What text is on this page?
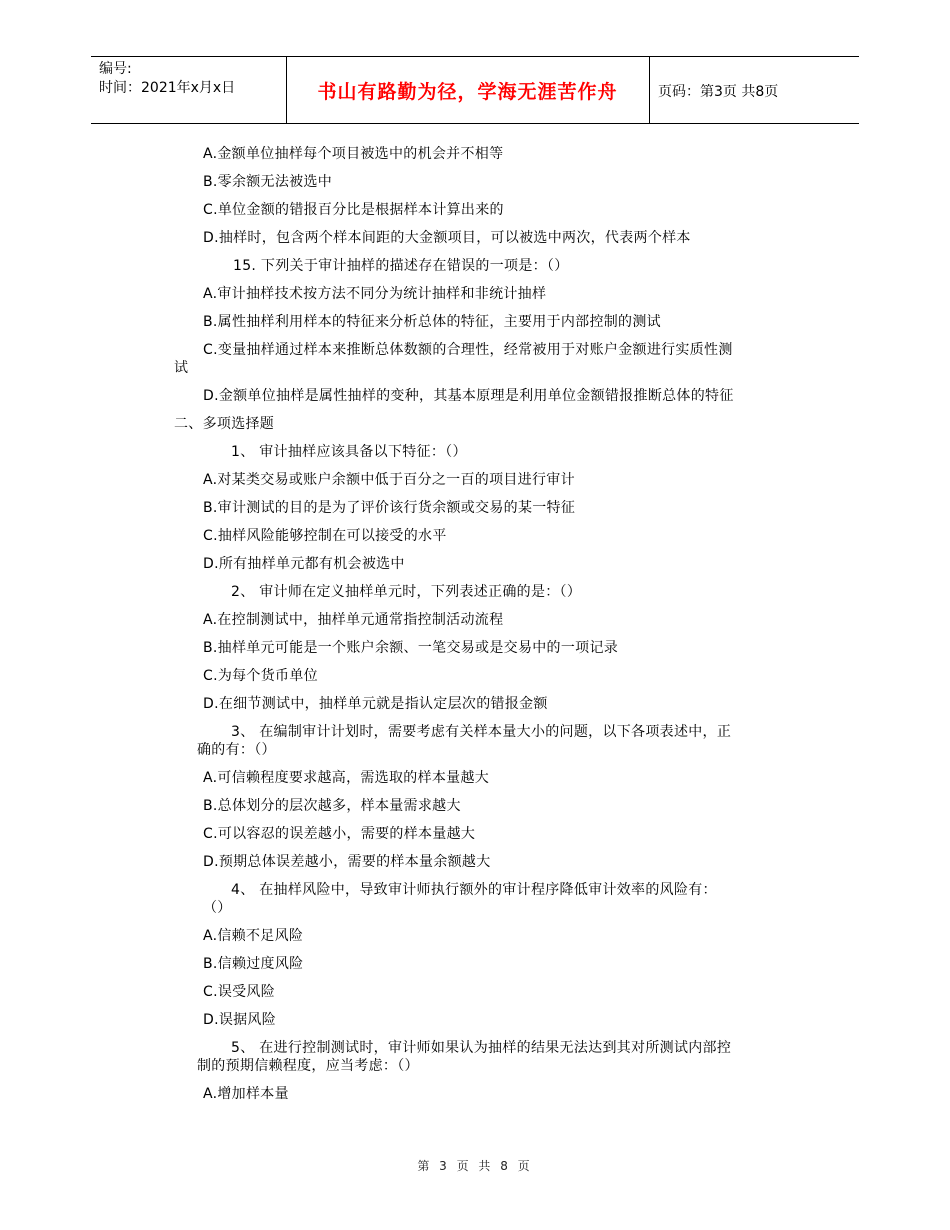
编号:
时间：2021年x月x日	书山有路勤为径，学海无涯苦作舟	页码：第3页 共8页
A.金额单位抽样每个项目被选中的机会并不相等
B.零余额无法被选中
C.单位金额的错报百分比是根据样本计算出来的
D.抽样时，包含两个样本间距的大金额项目，可以被选中两次，代表两个样本
15. 下列关于审计抽样的描述存在错误的一项是：（）
A.审计抽样技术按方法不同分为统计抽样和非统计抽样
B.属性抽样利用样本的特征来分析总体的特征，主要用于内部控制的测试
C.变量抽样通过样本来推断总体数额的合理性，经常被用于对账户金额进行实质性测
试
D.金额单位抽样是属性抽样的变种，其基本原理是利用单位金额错报推断总体的特征
二、多项选择题
1、 审计抽样应该具备以下特征：（）
A.对某类交易或账户余额中低于百分之一百的项目进行审计
B.审计测试的目的是为了评价该行货余额或交易的某一特征
C.抽样风险能够控制在可以接受的水平
D.所有抽样单元都有机会被选中
2、 审计师在定义抽样单元时，下列表述正确的是：（）
A.在控制测试中，抽样单元通常指控制活动流程
B.抽样单元可能是一个账户余额、一笔交易或是交易中的一项记录
C.为每个货币单位
D.在细节测试中，抽样单元就是指认定层次的错报金额
3、 在编制审计计划时，需要考虑有关样本量大小的问题，以下各项表述中，正
确的有：（）
A.可信赖程度要求越高，需选取的样本量越大
B.总体划分的层次越多，样本量需求越大
C.可以容忍的误差越小，需要的样本量越大
D.预期总体误差越小，需要的样本量余额越大
4、 在抽样风险中，导致审计师执行额外的审计程序降低审计效率的风险有：
（）
A.信赖不足风险
B.信赖过度风险
C.误受风险
D.误据风险
5、 在进行控制测试时，审计师如果认为抽样的结果无法达到其对所测试内部控
制的预期信赖程度，应当考虑：（）
A.增加样本量
第 3 页 共 8 页
